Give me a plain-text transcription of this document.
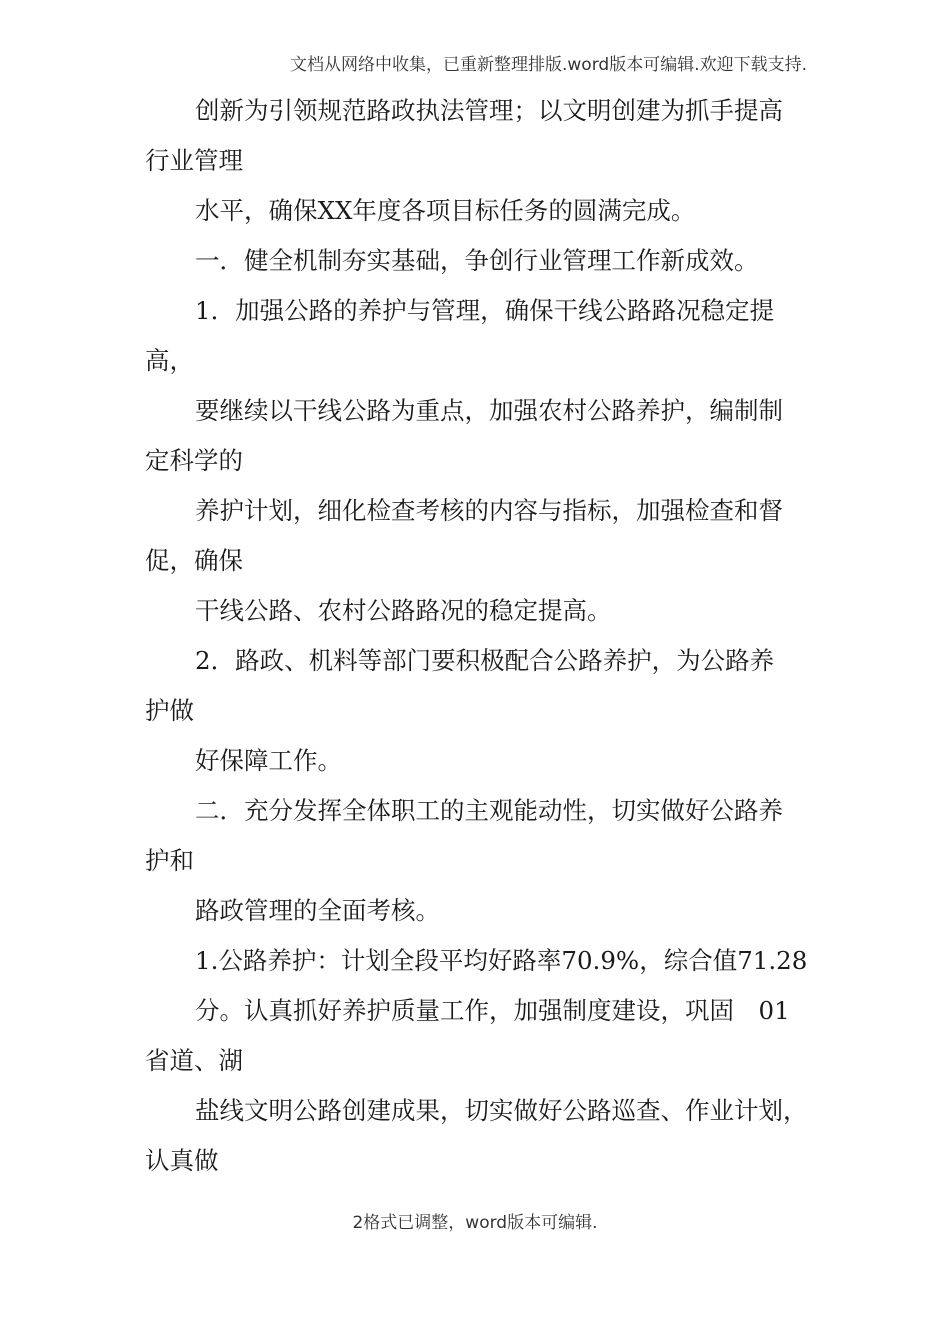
文档从网络中收集，已重新整理排版.word版本可编辑.欢迎下载支持.
创新为引领规范路政执法管理；以文明创建为抓手提高
行业管理
水平，确保XX年度各项目标任务的圆满完成。
一．健全机制夯实基础，争创行业管理工作新成效。
1．加强公路的养护与管理，确保干线公路路况稳定提
高，
要继续以干线公路为重点，加强农村公路养护，编制制
定科学的
养护计划，细化检查考核的内容与指标，加强检查和督
促，确保
干线公路、农村公路路况的稳定提高。
2．路政、机料等部门要积极配合公路养护，为公路养
护做
好保障工作。
二．充分发挥全体职工的主观能动性，切实做好公路养
护和
路政管理的全面考核。
1.公路养护：计划全段平均好路率70.9%，综合值71.28
分。认真抓好养护质量工作，加强制度建设，巩固　01
省道、湖
盐线文明公路创建成果，切实做好公路巡查、作业计划，
认真做
2格式已调整，word版本可编辑.
